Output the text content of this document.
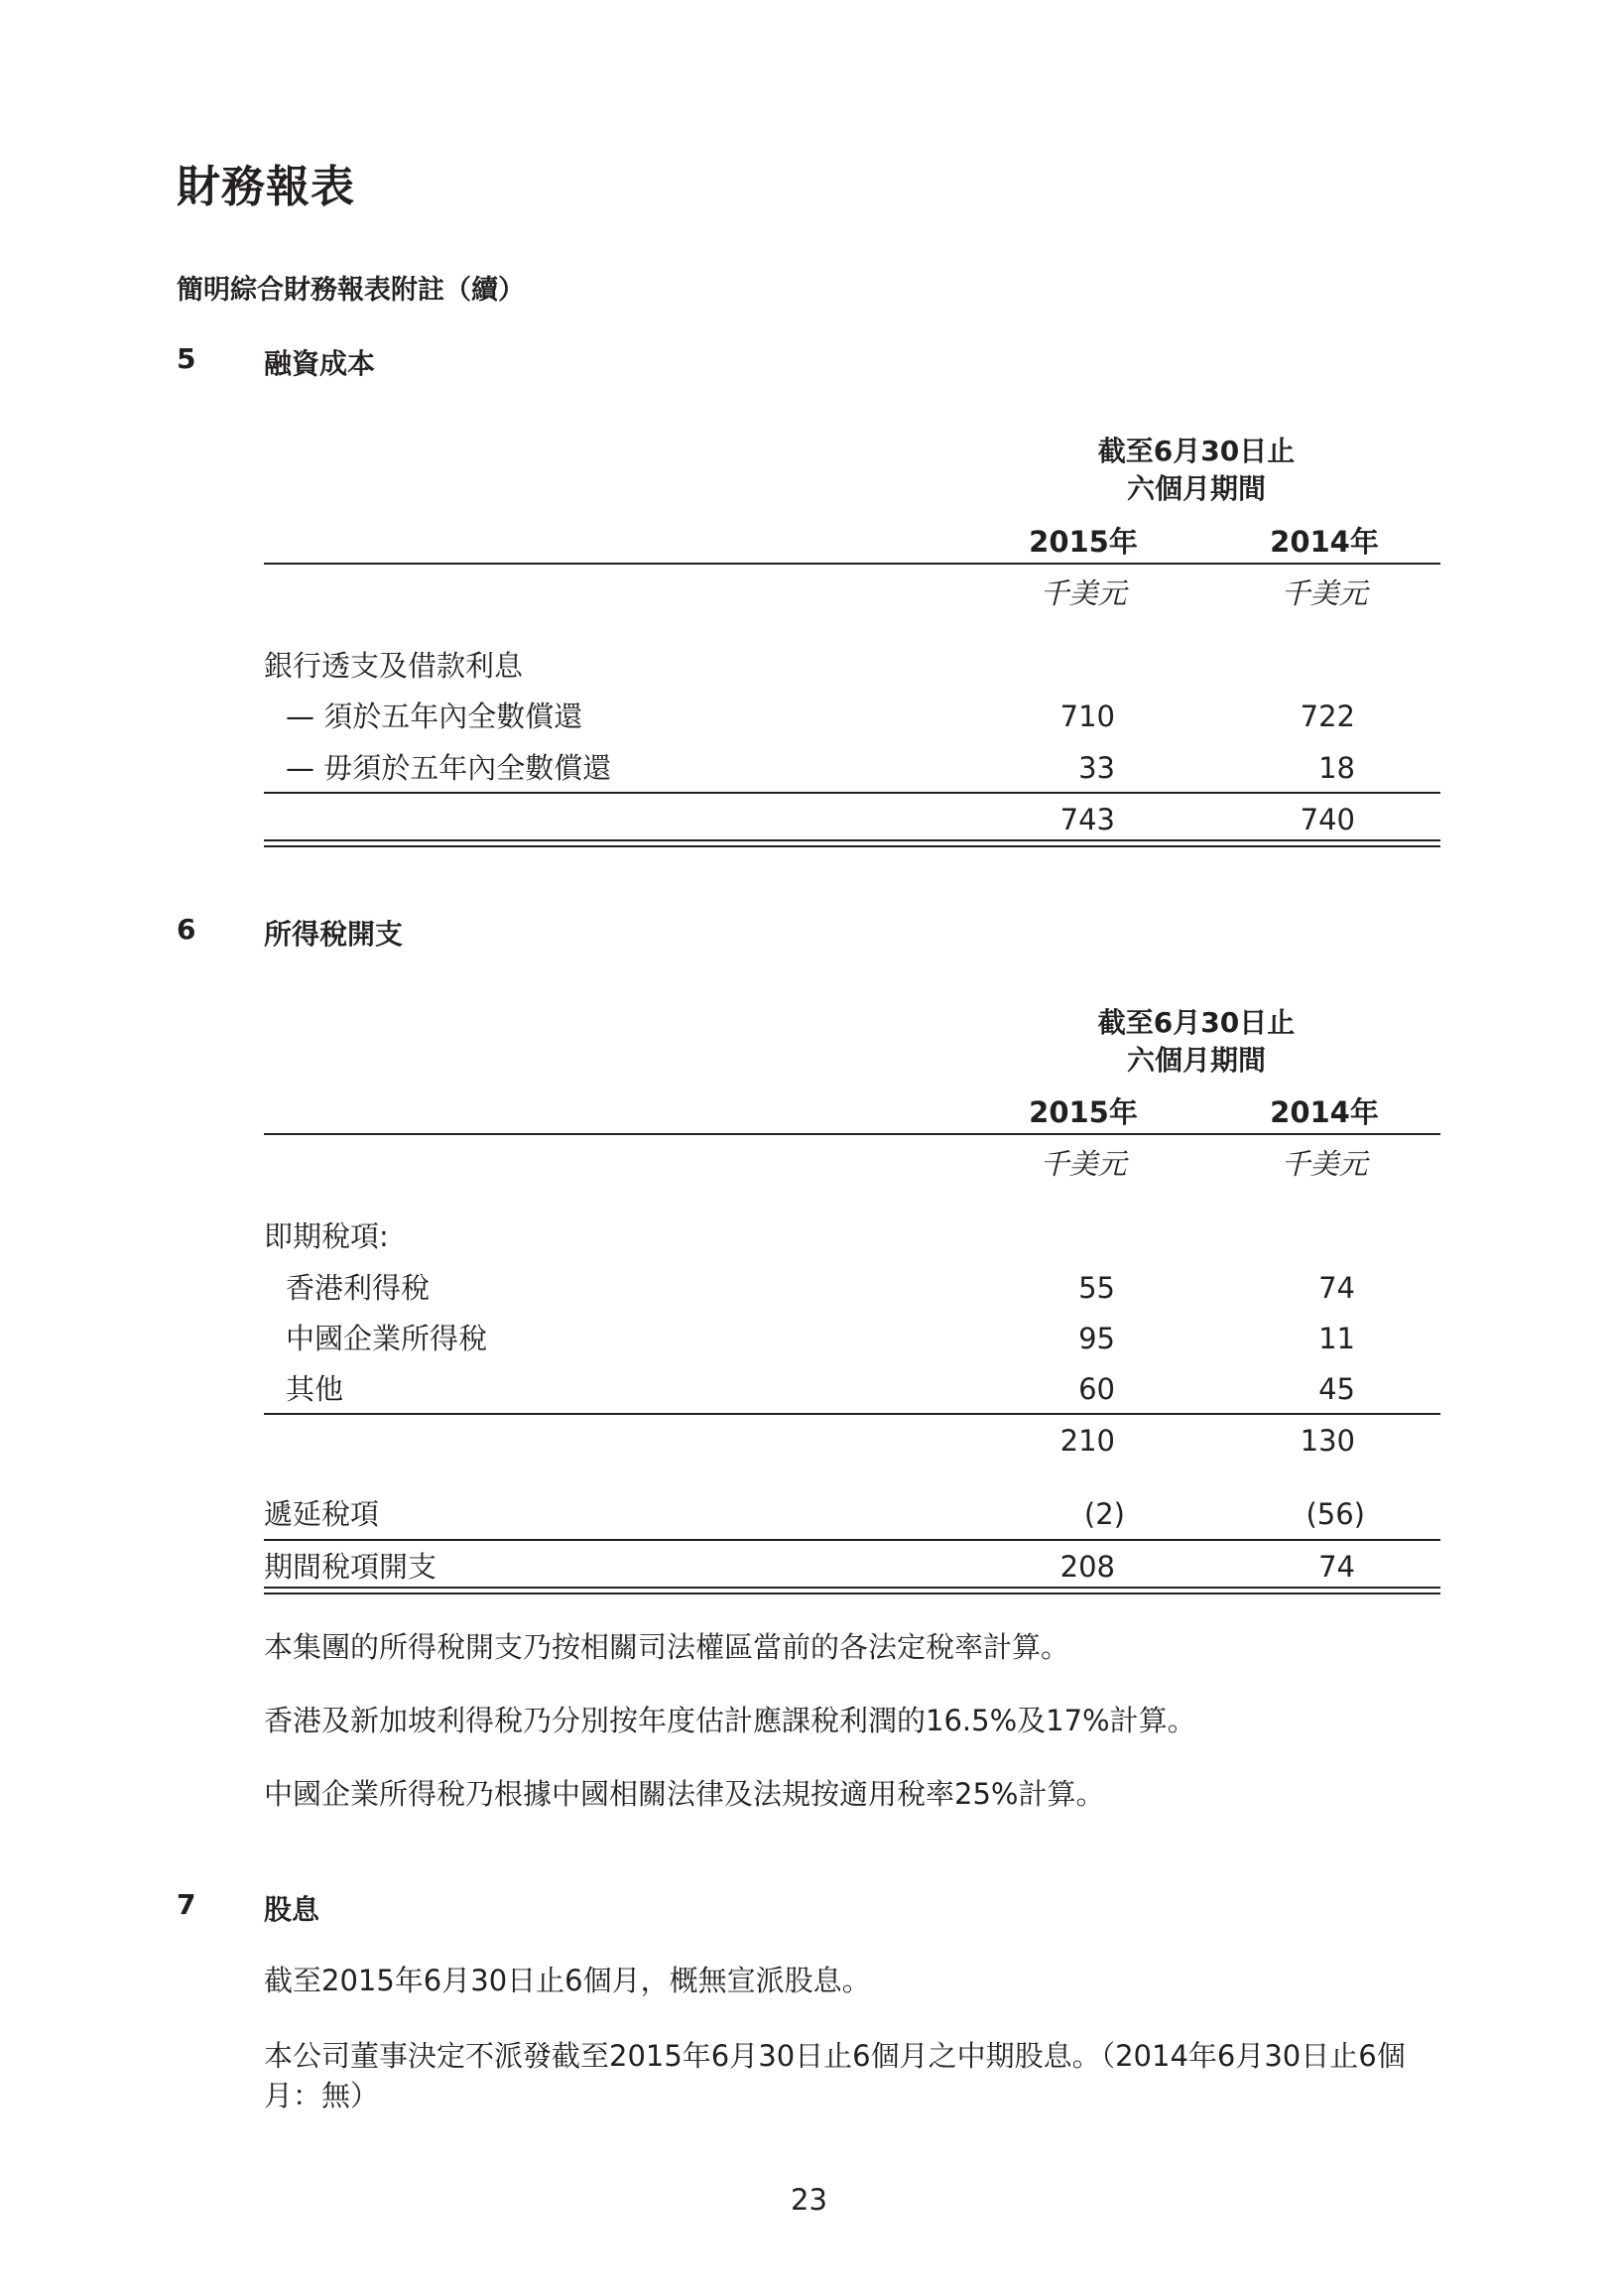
財務報表
簡明綜合財務報表附註（續）
5 融資成本
截至6月30日止
六個月期間
2015年	2014年
千美元	千美元
銀行透支及借款利息
— 須於五年內全數償還	710	722
— 毋須於五年內全數償還	33	18
743	740
6 所得稅開支
截至6月30日止
六個月期間
2015年	2014年
千美元	千美元
即期稅項:
香港利得稅	55	74
中國企業所得稅	95	11
其他	60	45
210	130
遞延稅項	(2)	(56)
期間稅項開支	208	74
本集團的所得稅開支乃按相關司法權區當前的各法定稅率計算。
香港及新加坡利得稅乃分別按年度估計應課稅利潤的16.5%及17%計算。
中國企業所得稅乃根據中國相關法律及法規按適用稅率25%計算。
7 股息
截至2015年6月30日止6個月，概無宣派股息。
本公司董事決定不派發截至2015年6月30日止6個月之中期股息。（2014年6月30日止6個月：無）
23
